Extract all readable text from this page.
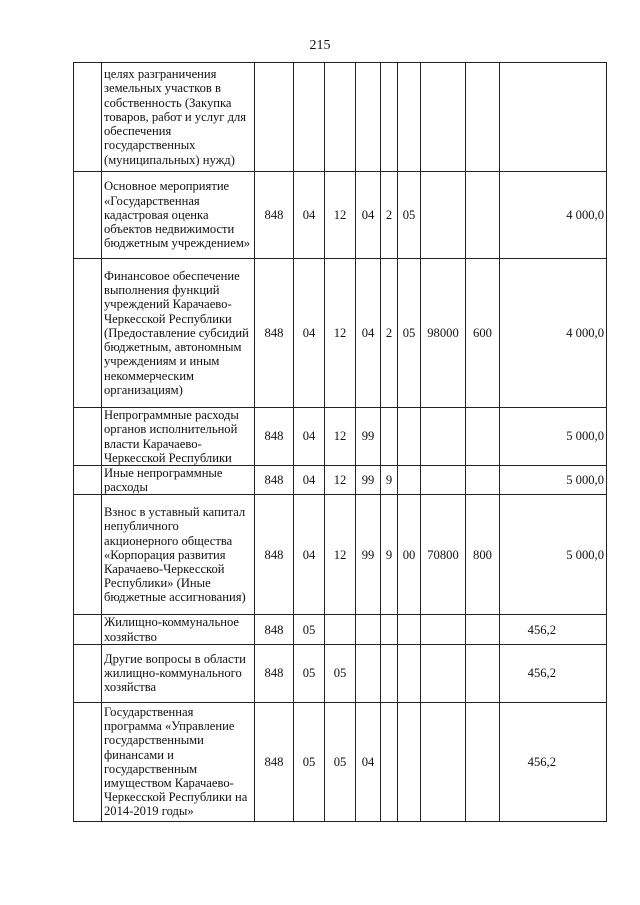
215
	целях разграничения земельных участков в собственность (Закупка товаров, работ и услуг для обеспечения государственных (муниципальных) нужд)									
	Основное мероприятие «Государственная кадастровая оценка объектов недвижимости бюджетным учреждением»	848	04	12	04	2	05			4 000,0
	Финансовое обеспечение выполнения функций учреждений Карачаево-Черкесской Республики (Предоставление субсидий бюджетным, автономным учреждениям и иным некоммерческим организациям)	848	04	12	04	2	05	98000	600	4 000,0
	Непрограммные расходы органов исполнительной власти Карачаево-Черкесской Республики	848	04	12	99					5 000,0
	Иные непрограммные расходы	848	04	12	99	9				5 000,0
	Взнос в уставный капитал непубличного акционерного общества «Корпорация развития Карачаево-Черкесской Республики» (Иные бюджетные ассигнования)	848	04	12	99	9	00	70800	800	5 000,0
	Жилищно-коммунальное хозяйство	848	05							456,2
	Другие вопросы в области жилищно-коммунального хозяйства	848	05	05						456,2
	Государственная программа «Управление государственными финансами и государственным имуществом Карачаево-Черкесской Республики на 2014-2019 годы»	848	05	05	04					456,2
